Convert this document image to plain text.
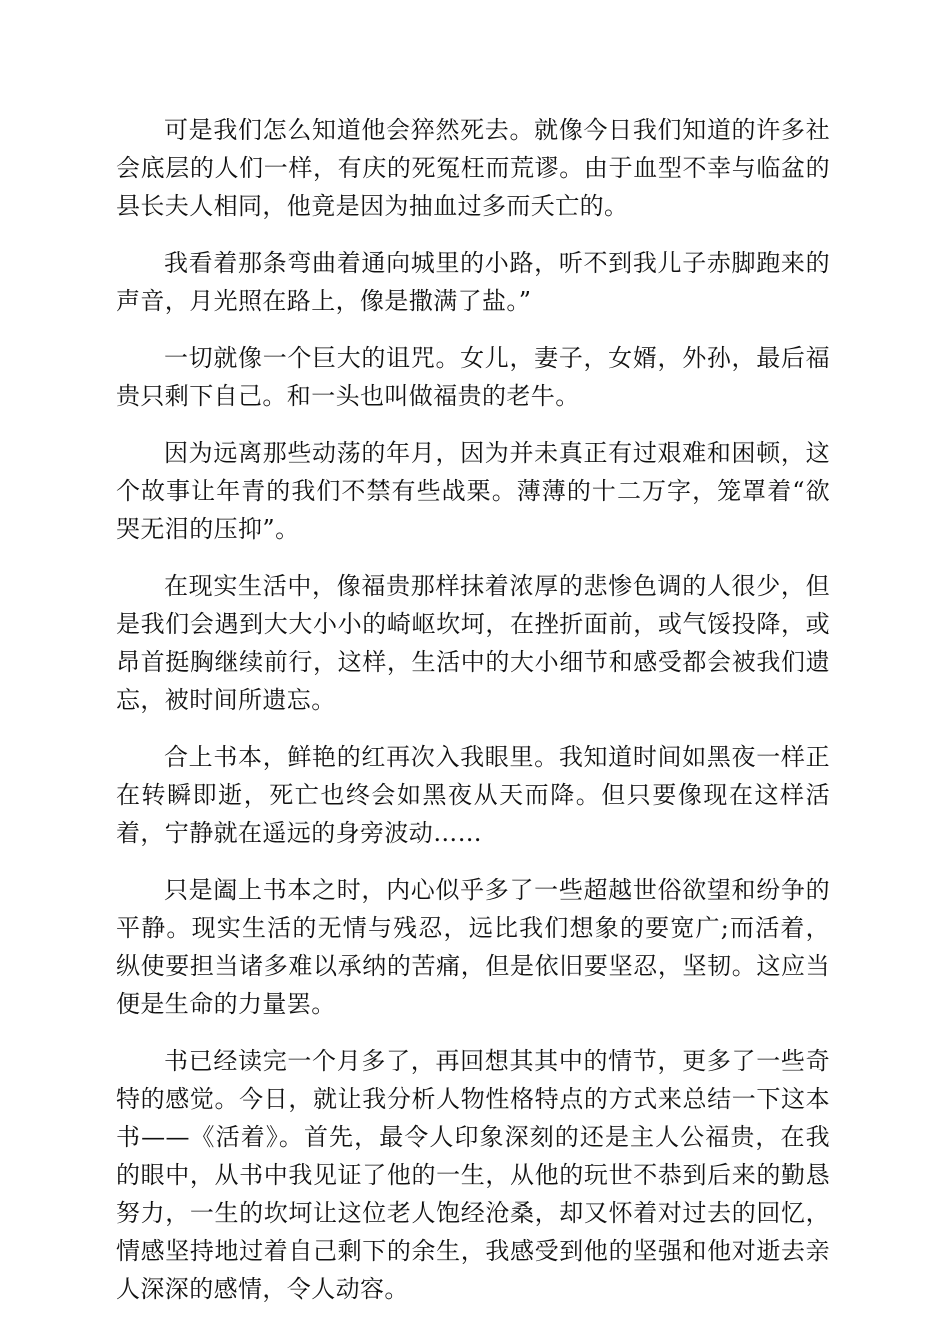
可是我们怎么知道他会猝然死去。就像今日我们知道的许多社会底层的人们一样，有庆的死冤枉而荒谬。由于血型不幸与临盆的县长夫人相同，他竟是因为抽血过多而夭亡的。

我看着那条弯曲着通向城里的小路，听不到我儿子赤脚跑来的声音，月光照在路上，像是撒满了盐。”

一切就像一个巨大的诅咒。女儿，妻子，女婿，外孙，最后福贵只剩下自己。和一头也叫做福贵的老牛。

因为远离那些动荡的年月，因为并未真正有过艰难和困顿，这个故事让年青的我们不禁有些战栗。薄薄的十二万字，笼罩着“欲哭无泪的压抑”。

在现实生活中，像福贵那样抹着浓厚的悲惨色调的人很少，但是我们会遇到大大小小的崎岖坎坷，在挫折面前，或气馁投降，或昂首挺胸继续前行，这样，生活中的大小细节和感受都会被我们遗忘，被时间所遗忘。

合上书本，鲜艳的红再次入我眼里。我知道时间如黑夜一样正在转瞬即逝，死亡也终会如黑夜从天而降。但只要像现在这样活着，宁静就在遥远的身旁波动……

只是阖上书本之时，内心似乎多了一些超越世俗欲望和纷争的平静。现实生活的无情与残忍，远比我们想象的要宽广;而活着，纵使要担当诸多难以承纳的苦痛，但是依旧要坚忍，坚韧。这应当便是生命的力量罢。

书已经读完一个月多了，再回想其其中的情节，更多了一些奇特的感觉。今日，就让我分析人物性格特点的方式来总结一下这本书——《活着》。首先，最令人印象深刻的还是主人公福贵，在我的眼中，从书中我见证了他的一生，从他的玩世不恭到后来的勤恳努力，一生的坎坷让这位老人饱经沧桑，却又怀着对过去的回忆，情感坚持地过着自己剩下的余生，我感受到他的坚强和他对逝去亲人深深的感情，令人动容。
